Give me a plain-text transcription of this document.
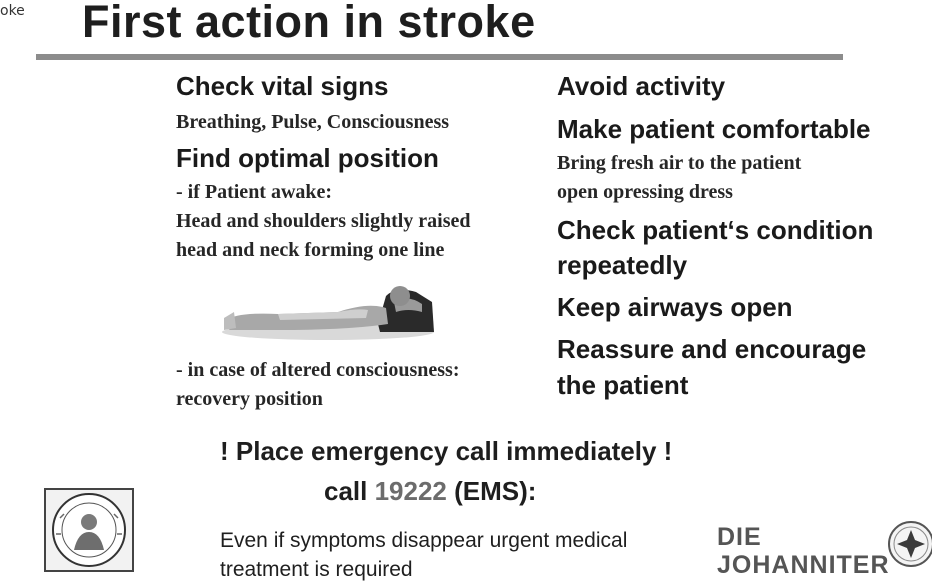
oke First action in stroke
Check vital signs
Breathing, Pulse, Consciousness
Find optimal position
- if Patient awake:
Head and shoulders slightly raised
head and neck forming one line
- in case of altered consciousness:
recovery position
Avoid activity
Make patient comfortable
Bring fresh air to the patient
open opressing dress
Check patient‘s condition
repeatedly
Keep airways open
Reassure and encourage
the patient
! Place emergency call immediately !
call 19222 (EMS):
Even if symptoms disappear urgent medical
treatment is required
DIE
JOHANNITER
